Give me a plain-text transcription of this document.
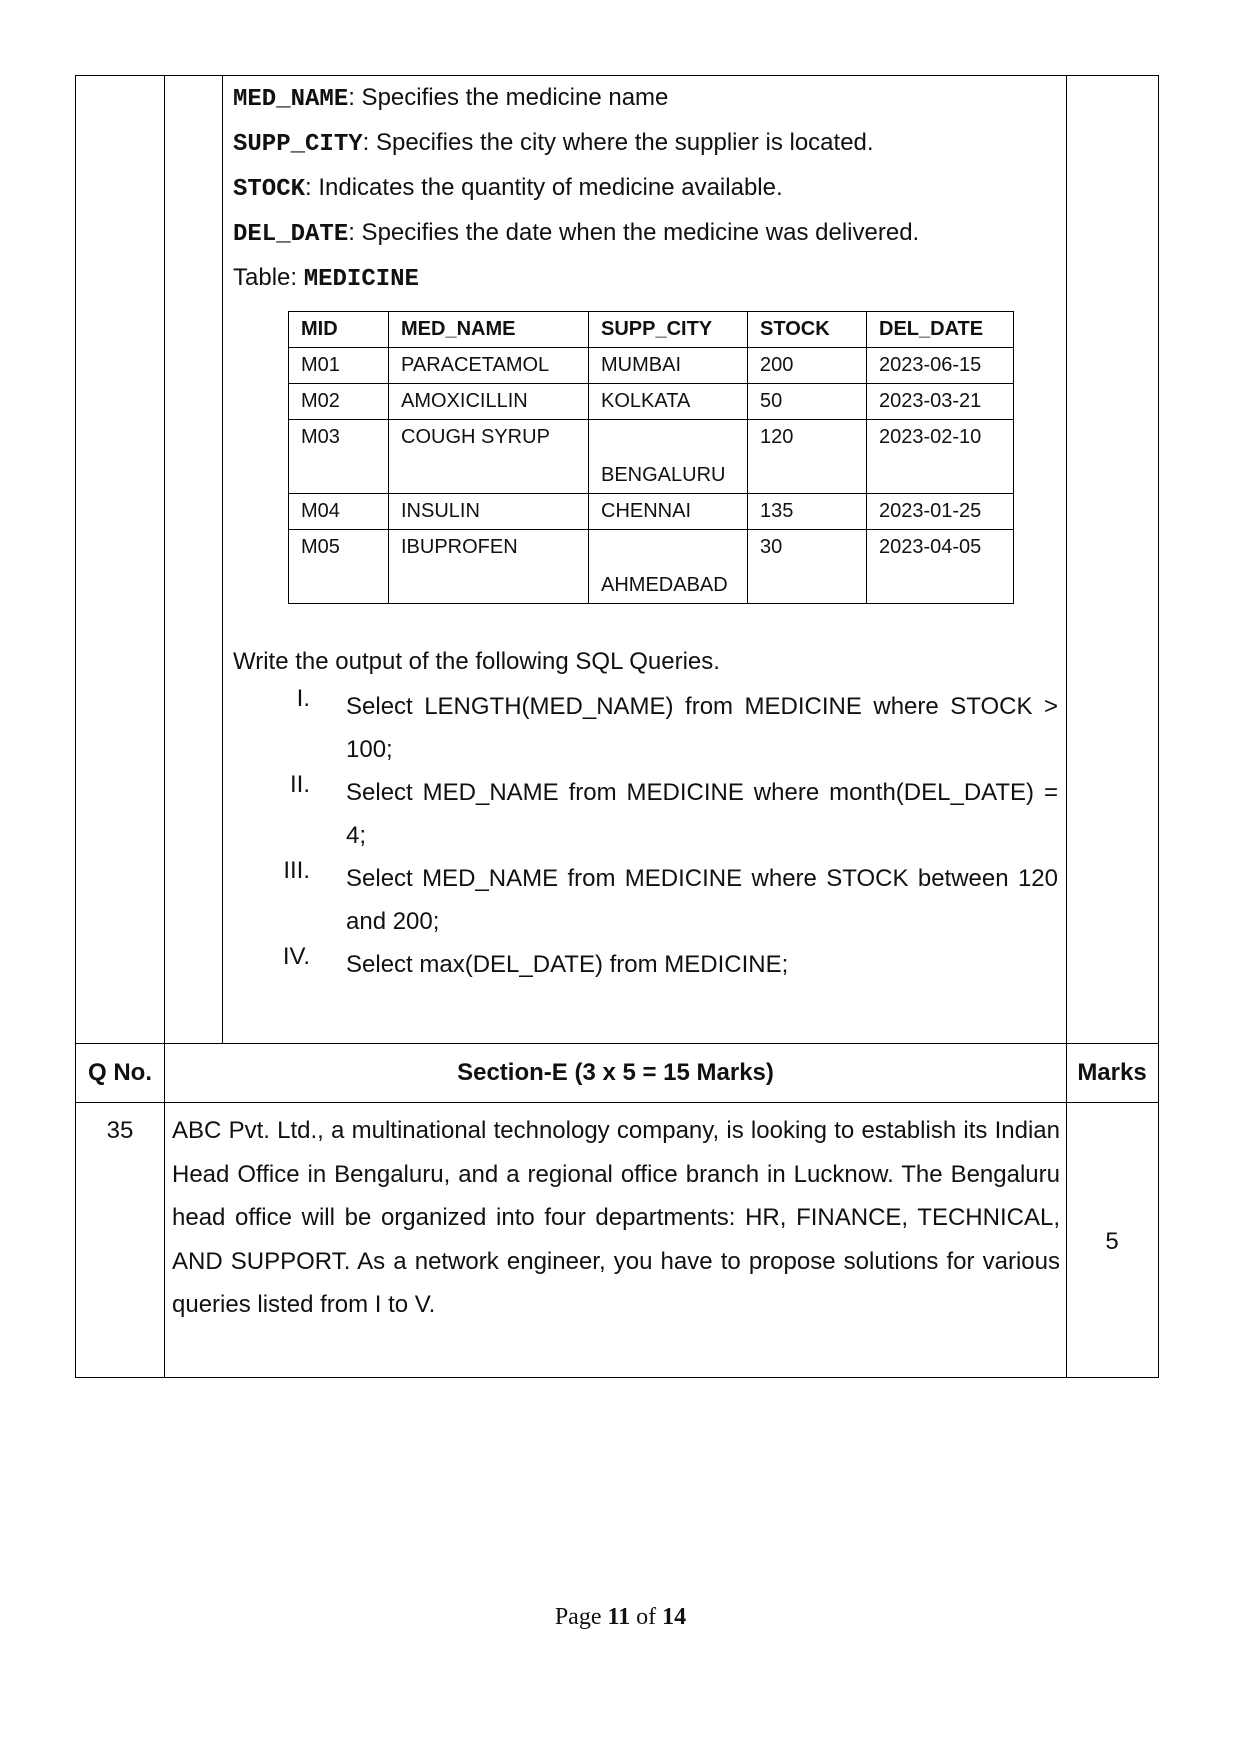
MED_NAME: Specifies the medicine name
SUPP_CITY: Specifies the city where the supplier is located.
STOCK: Indicates the quantity of medicine available.
DEL_DATE: Specifies the date when the medicine was delivered.
Table: MEDICINE
MID	MED_NAME	SUPP_CITY	STOCK	DEL_DATE
M01	PARACETAMOL	MUMBAI	200	2023-06-15
M02	AMOXICILLIN	KOLKATA	50	2023-03-21
M03	COUGH SYRUP	BENGALURU	120	2023-02-10
M04	INSULIN	CHENNAI	135	2023-01-25
M05	IBUPROFEN	AHMEDABAD	30	2023-04-05
Write the output of the following SQL Queries.
I. Select LENGTH(MED_NAME) from MEDICINE where STOCK > 100;
II. Select MED_NAME from MEDICINE where month(DEL_DATE) = 4;
III. Select MED_NAME from MEDICINE where STOCK between 120 and 200;
IV. Select max(DEL_DATE) from MEDICINE;
Q No.	Section-E (3 x 5 = 15 Marks)	Marks
35	ABC Pvt. Ltd., a multinational technology company, is looking to establish its Indian Head Office in Bengaluru, and a regional office branch in Lucknow. The Bengaluru head office will be organized into four departments: HR, FINANCE, TECHNICAL, AND SUPPORT. As a network engineer, you have to propose solutions for various queries listed from I to V.
5
Page 11 of 14
